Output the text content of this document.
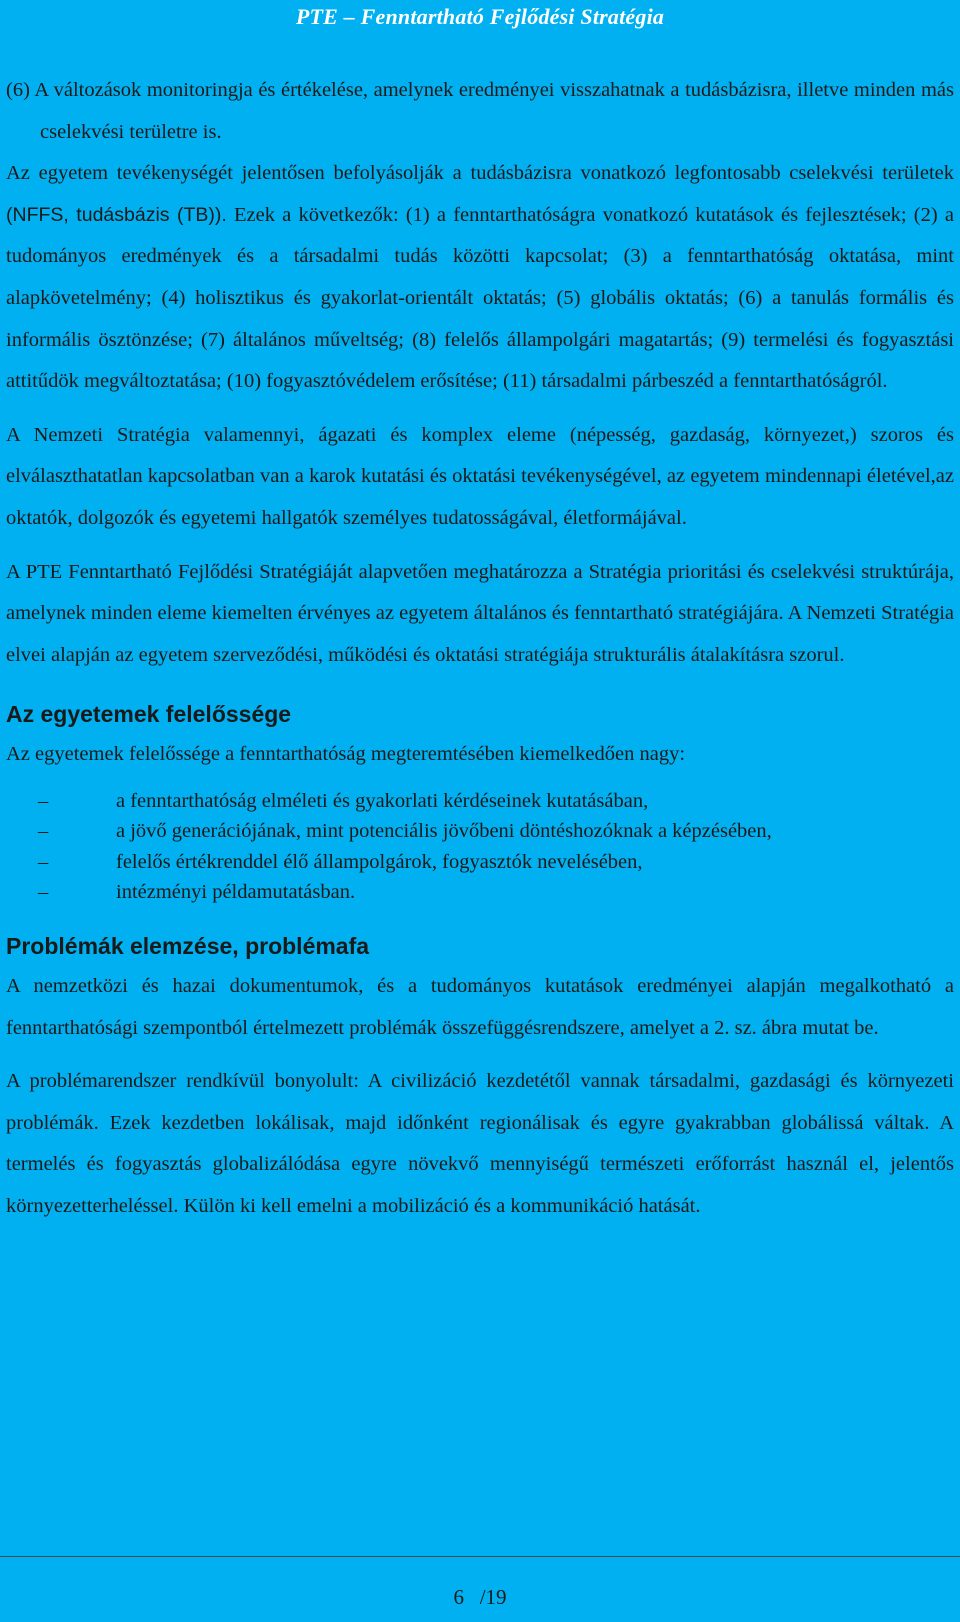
PTE – Fenntartható Fejlődési Stratégia

(6) A változások monitoringja és értékelése, amelynek eredményei visszahatnak a tudásbázisra, illetve minden más cselekvési területre is.

Az egyetem tevékenységét jelentősen befolyásolják a tudásbázisra vonatkozó legfontosabb cselekvési területek (NFFS, tudásbázis (TB)). Ezek a következők: (1) a fenntarthatóságra vonatkozó kutatások és fejlesztések; (2) a tudományos eredmények és a társadalmi tudás közötti kapcsolat; (3) a fenntarthatóság oktatása, mint alapkövetelmény; (4) holisztikus és gyakorlat-orientált oktatás; (5) globális oktatás; (6) a tanulás formális és informális ösztönzése; (7) általános műveltség; (8) felelős állampolgári magatartás; (9) termelési és fogyasztási attitűdök megváltoztatása; (10) fogyasztóvédelem erősítése; (11) társadalmi párbeszéd a fenntarthatóságról.

A Nemzeti Stratégia valamennyi, ágazati és komplex eleme (népesség, gazdaság, környezet,) szoros és elválaszthatatlan kapcsolatban van a karok kutatási és oktatási tevékenységével, az egyetem mindennapi életével,az oktatók, dolgozók és egyetemi hallgatók személyes tudatosságával, életformájával.

A PTE Fenntartható Fejlődési Stratégiáját alapvetően meghatározza a Stratégia prioritási és cselekvési struktúrája, amelynek minden eleme kiemelten érvényes az egyetem általános és fenntartható stratégiájára. A Nemzeti Stratégia elvei alapján az egyetem szerveződési, működési és oktatási stratégiája strukturális átalakításra szorul.

Az egyetemek felelőssége

Az egyetemek felelőssége a fenntarthatóság megteremtésében kiemelkedően nagy:

–	a fenntarthatóság elméleti és gyakorlati kérdéseinek kutatásában,
–	a jövő generációjának, mint potenciális jövőbeni döntéshozóknak a képzésében,
–	felelős értékrenddel élő állampolgárok, fogyasztók nevelésében,
–	intézményi példamutatásban.
Problémák elemzése, problémafa

A nemzetközi és hazai dokumentumok, és a tudományos kutatások eredményei alapján megalkotható a fenntarthatósági szempontból értelmezett problémák összefüggésrendszere, amelyet a 2. sz. ábra mutat be.

A problémarendszer rendkívül bonyolult: A civilizáció kezdetétől vannak társadalmi, gazdasági és környezeti problémák. Ezek kezdetben lokálisak, majd időnként regionálisak és egyre gyakrabban globálissá váltak. A termelés és fogyasztás globalizálódása egyre növekvő mennyiségű természeti erőforrást használ el, jelentős környezetterheléssel. Külön ki kell emelni a mobilizáció és a kommunikáció hatását.

6   /19
